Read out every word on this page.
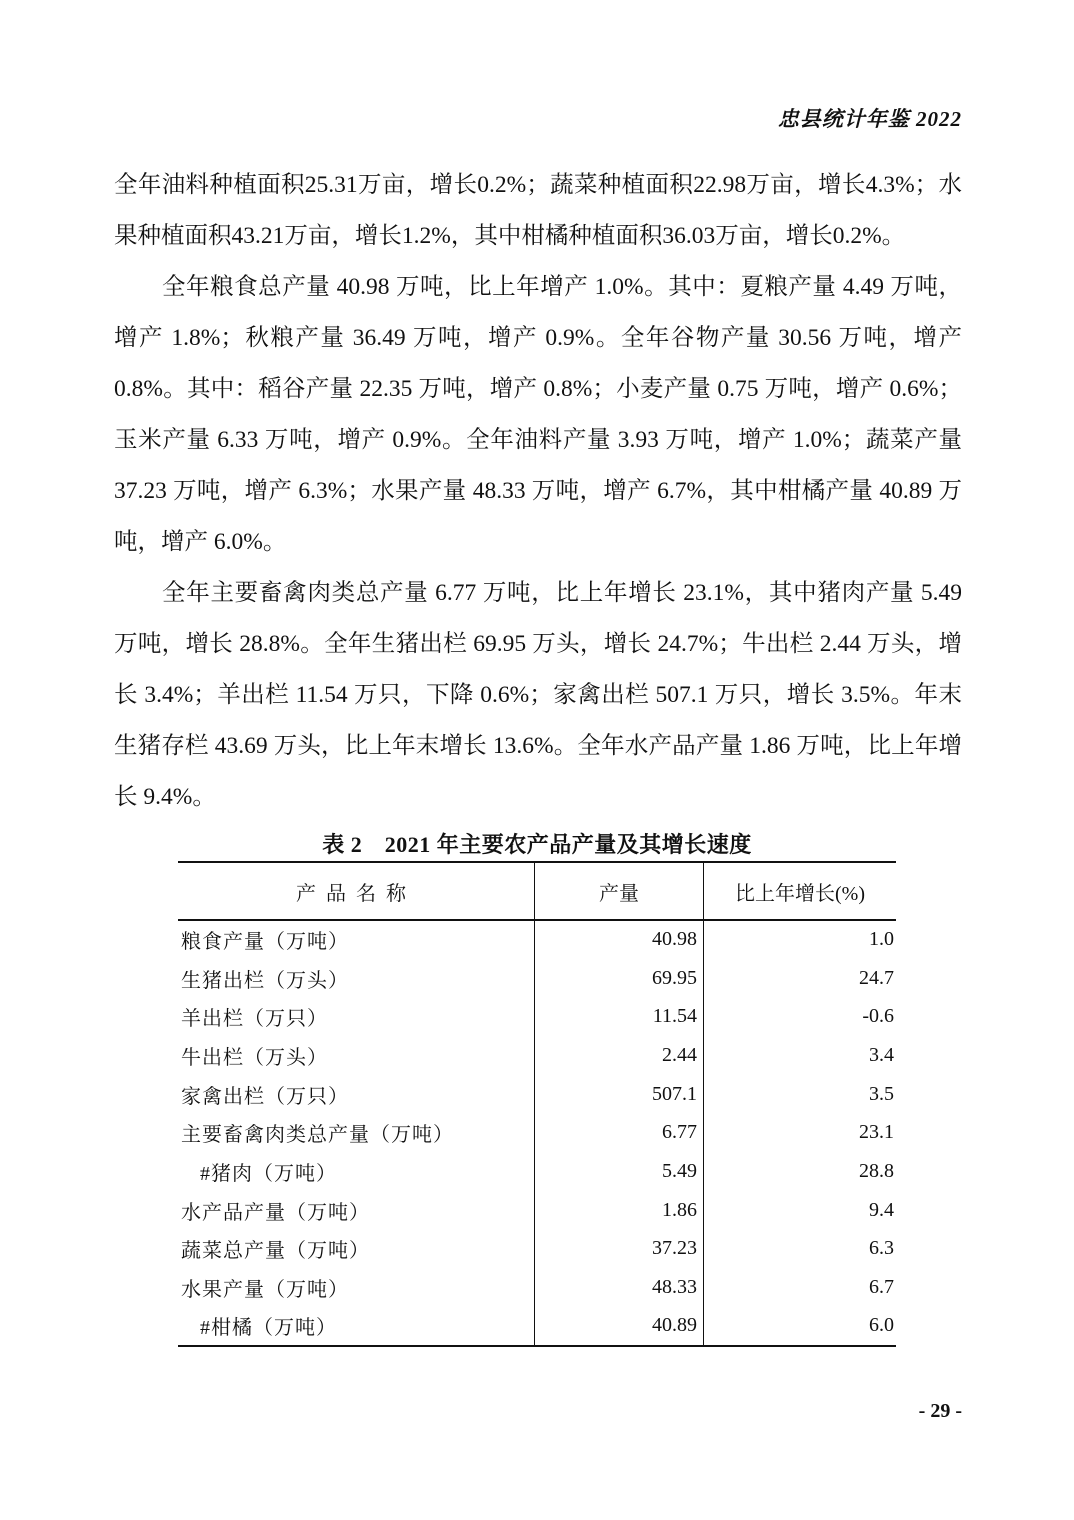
忠县统计年鉴 2022

全年油料种植面积25.31万亩，增长0.2%；蔬菜种植面积22.98万亩，增长4.3%；水果种植面积43.21万亩，增长1.2%，其中柑橘种植面积36.03万亩，增长0.2%。

全年粮食总产量 40.98 万吨，比上年增产 1.0%。其中：夏粮产量 4.49 万吨，增产 1.8%；秋粮产量 36.49 万吨，增产 0.9%。全年谷物产量 30.56 万吨，增产 0.8%。其中：稻谷产量 22.35 万吨，增产 0.8%；小麦产量 0.75 万吨，增产 0.6%；玉米产量 6.33 万吨，增产 0.9%。全年油料产量 3.93 万吨，增产 1.0%；蔬菜产量 37.23 万吨，增产 6.3%；水果产量 48.33 万吨，增产 6.7%，其中柑橘产量 40.89 万吨，增产 6.0%。

全年主要畜禽肉类总产量 6.77 万吨，比上年增长 23.1%，其中猪肉产量 5.49 万吨，增长 28.8%。全年生猪出栏 69.95 万头，增长 24.7%；牛出栏 2.44 万头，增长 3.4%；羊出栏 11.54 万只，下降 0.6%；家禽出栏 507.1 万只，增长 3.5%。年末生猪存栏 43.69 万头，比上年末增长 13.6%。全年水产品产量 1.86 万吨，比上年增长 9.4%。

表 2　2021 年主要农产品产量及其增长速度
产品名称	产量	比上年增长(%)
粮食产量（万吨）	40.98	1.0
生猪出栏（万头）	69.95	24.7
羊出栏（万只）	11.54	-0.6
牛出栏（万头）	2.44	3.4
家禽出栏（万只）	507.1	3.5
主要畜禽肉类总产量（万吨）	6.77	23.1
#猪肉（万吨）	5.49	28.8
水产品产量（万吨）	1.86	9.4
蔬菜总产量（万吨）	37.23	6.3
水果产量（万吨）	48.33	6.7
#柑橘（万吨）	40.89	6.0
- 29 -
